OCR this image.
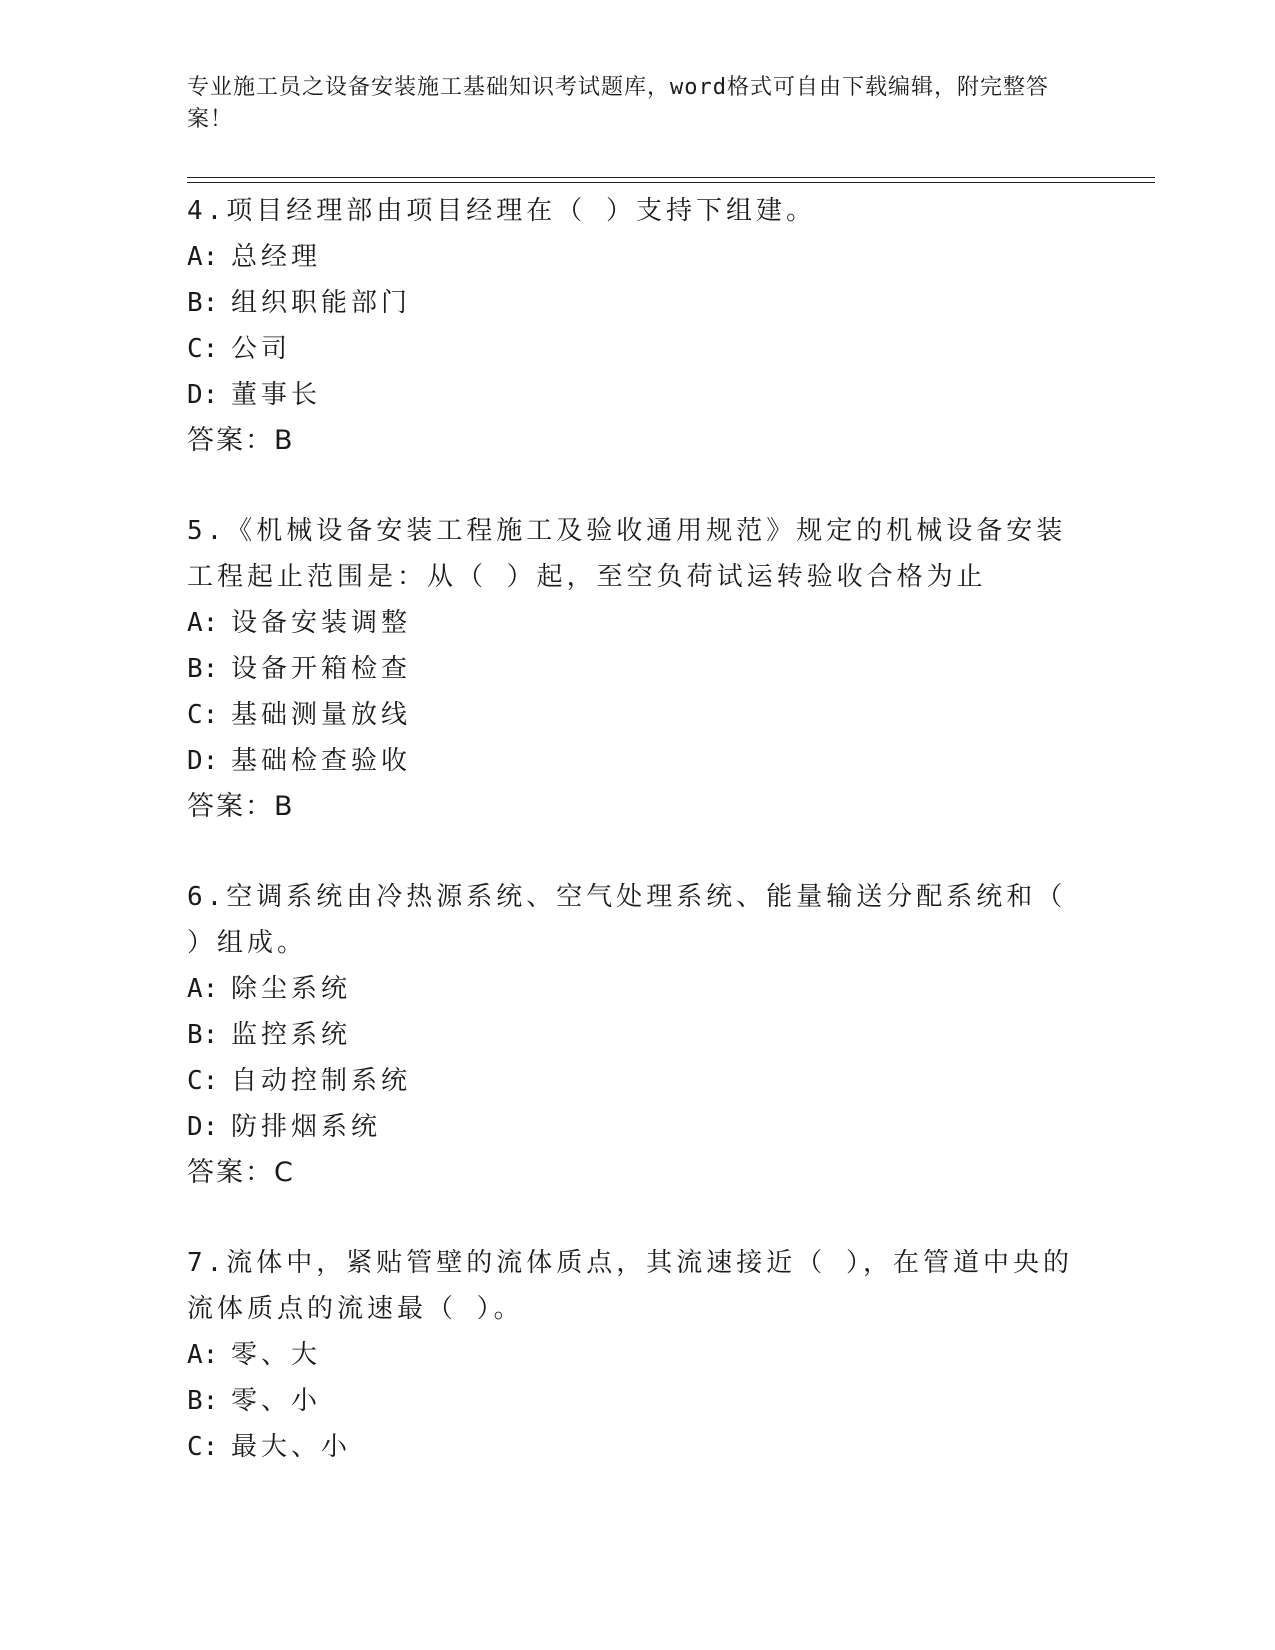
专业施工员之设备安装施工基础知识考试题库，word格式可自由下载编辑，附完整答案！
4.项目经理部由项目经理在（ ）支持下组建。
A: 总经理
B: 组织职能部门
C: 公司
D: 董事长
答案：B
5.《机械设备安装工程施工及验收通用规范》规定的机械设备安装工程起止范围是：从（ ）起，至空负荷试运转验收合格为止
A: 设备安装调整
B: 设备开箱检查
C: 基础测量放线
D: 基础检查验收
答案：B
6.空调系统由冷热源系统、空气处理系统、能量输送分配系统和（ ）组成。
A: 除尘系统
B: 监控系统
C: 自动控制系统
D: 防排烟系统
答案：C
7.流体中，紧贴管壁的流体质点，其流速接近（ ），在管道中央的流体质点的流速最（ ）。
A: 零、大
B: 零、小
C: 最大、小
